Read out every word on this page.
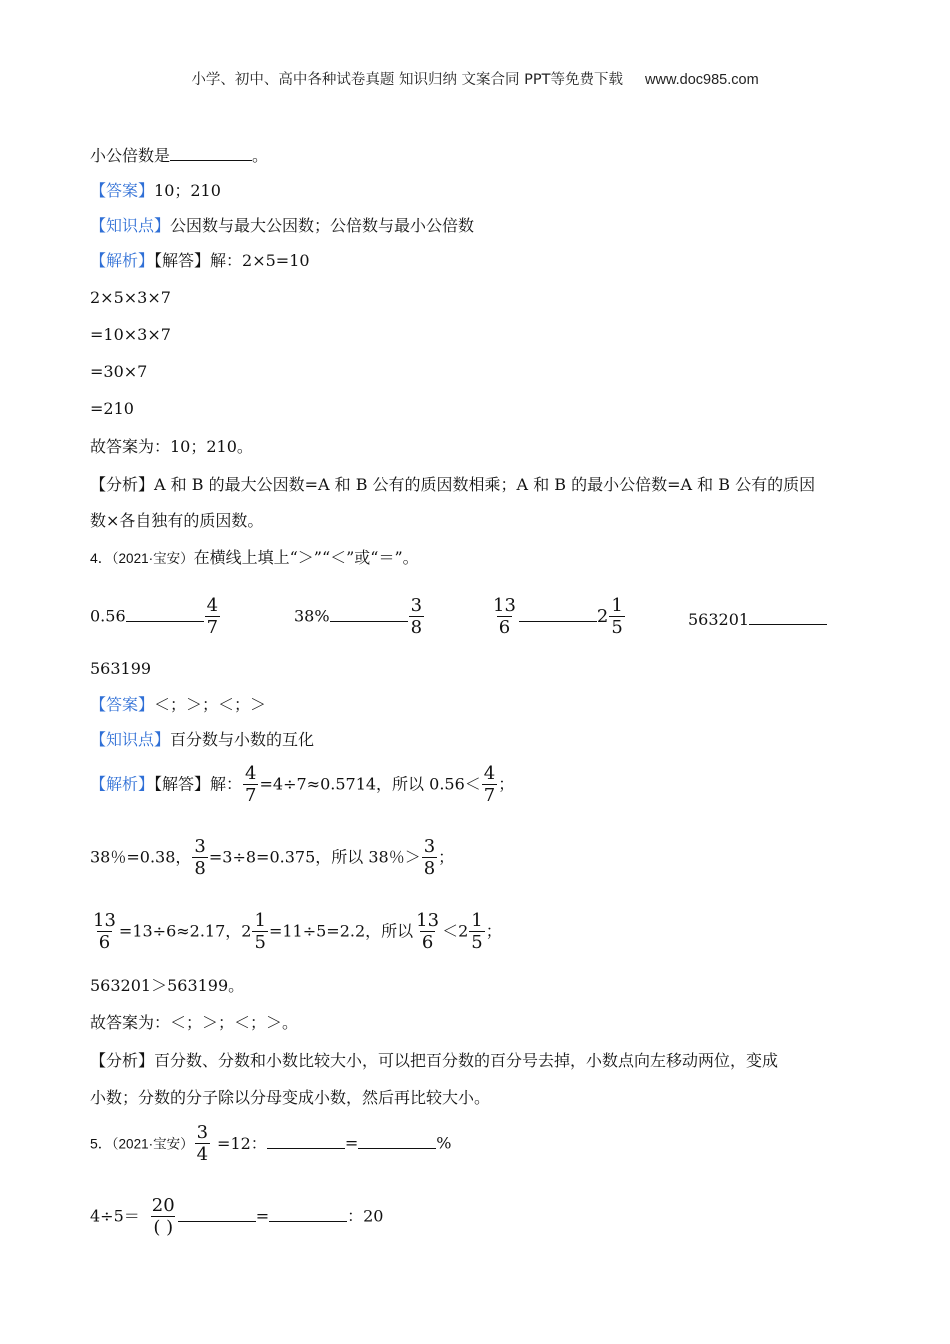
小学、初中、高中各种试卷真题 知识归纳 文案合同 PPT等免费下载 www.doc985.com
小公倍数是	。
【答案】10；210
【知识点】公因数与最大公因数；公倍数与最小公倍数
【解析】【解答】解：2×5=10
2×5×3×7
=10×3×7
=30×7
=210
故答案为：10；210。
【分析】A 和 B 的最大公因数=A 和 B 公有的质因数相乘；A 和 B 的最小公倍数=A 和 B 公有的质因
数×各自独有的质因数。
4．（2021·宝安）在横线上填上“＞”“＜”或“＝”。
0.56	$\frac{4}{7}$	38%	$\frac{3}{8}$	$\frac{13}{6}$	$2 \frac{1}{5}$	563201
563199
【答案】＜；＞；＜；＞
【知识点】百分数与小数的互化
【解析】【解答】解： $\frac{4}{7} =4\div 7\approx 0.5714$，所以 $0.56< \frac{4}{7}$ ；
38％=0.38， $\frac{3}{8} =3\div 8=0.375$，所以 38％＞ $\frac{3}{8}$ ；
$\frac{13}{6} =13\div 6\approx 2.17$，$2 \frac{1}{5} =11\div 5=2.2$，所以 $\frac{13}{6} <2 \frac{1}{5}$ ；
563201＞563199。
故答案为：＜；＞；＜；＞。
【分析】百分数、分数和小数比较大小，可以把百分数的百分号去掉，小数点向左移动两位，变成
小数；分数的分子除以分母变成小数，然后再比较大小。
5．（2021·宝安） $\frac{3}{4} =12$：	=	%
$4\div 5= \frac{20}{( )}$	=	：20
